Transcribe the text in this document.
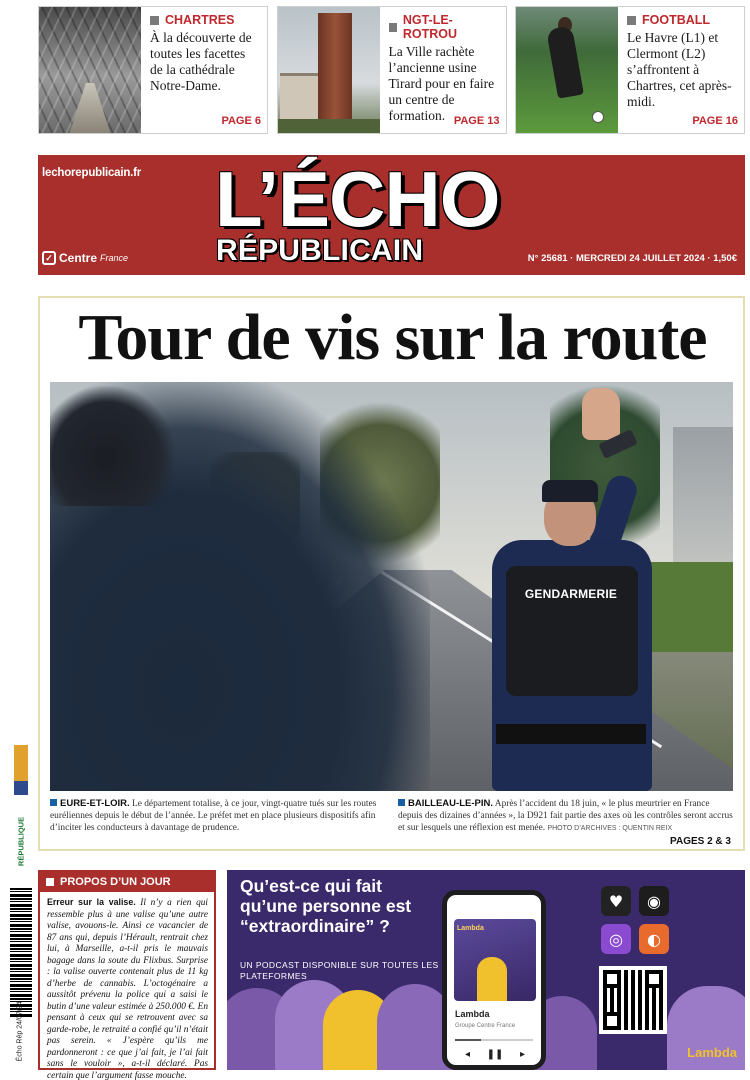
CHARTRES
À la découverte de toutes les facettes de la cathédrale Notre-Dame.
PAGE 6
NGT-LE-ROTROU
La Ville rachète l’ancienne usine Tirard pour en faire un centre de formation. PAGE 13
FOOTBALL
Le Havre (L1) et Clermont (L2) s’affrontent à Chartres, cet après-midi.
PAGE 16
lechorepublicain.fr L’ÉCHO
RÉPUBLICAIN
✓ Centre France	N° 25681 · MERCREDI 24 JUILLET 2024 · 1,50€
Tour de vis sur la route
GENDARMERIE
EURE-ET-LOIR. Le département totalise, à ce jour, vingt-quatre tués sur les routes euréliennes depuis le début de l’année. Le préfet met en place plusieurs dispositifs afin d’inciter les conducteurs à davantage de prudence.
BAILLEAU-LE-PIN. Après l’accident du 18 juin, « le plus meurtrier en France depuis des dizaines d’années », la D921 fait partie des axes où les contrôles seront accrus et sur lesquels une réflexion est menée. PHOTO D’ARCHIVES : QUENTIN REIX
PAGES 2 & 3
RÉPUBLIQUE
Écho Rép 24/07/24
PROPOS D’UN JOUR
Erreur sur la valise. Il n’y a rien qui ressemble plus à une valise qu’une autre valise, avouons-le. Ainsi ce vacancier de 87 ans qui, depuis l’Hérault, rentrait chez lui, à Marseille, a-t-il pris le mauvais bagage dans la soute du Flixbus. Surprise : la valise ouverte contenait plus de 11 kg d’herbe de cannabis. L’octogénaire a aussitôt prévenu la police qui a saisi le butin d’une valeur estimée à 250.000 €. En pensant à ceux qui se retrouvent avec sa garde-robe, le retraité a confié qu’il n’était pas serein. « J’espère qu’ils me pardonneront : ce que j’ai fait, je l’ai fait sans le vouloir », a-t-il déclaré. Pas certain que l’argument fasse mouche.
Qu’est-ce qui fait qu’une personne est “extraordinaire” ?
UN PODCAST DISPONIBLE SUR TOUTES LES PLATEFORMES
Lambda
Lambda
Groupe Centre France
◂ ❚❚ ▸
♥	◉
◎	◐
Lambda
